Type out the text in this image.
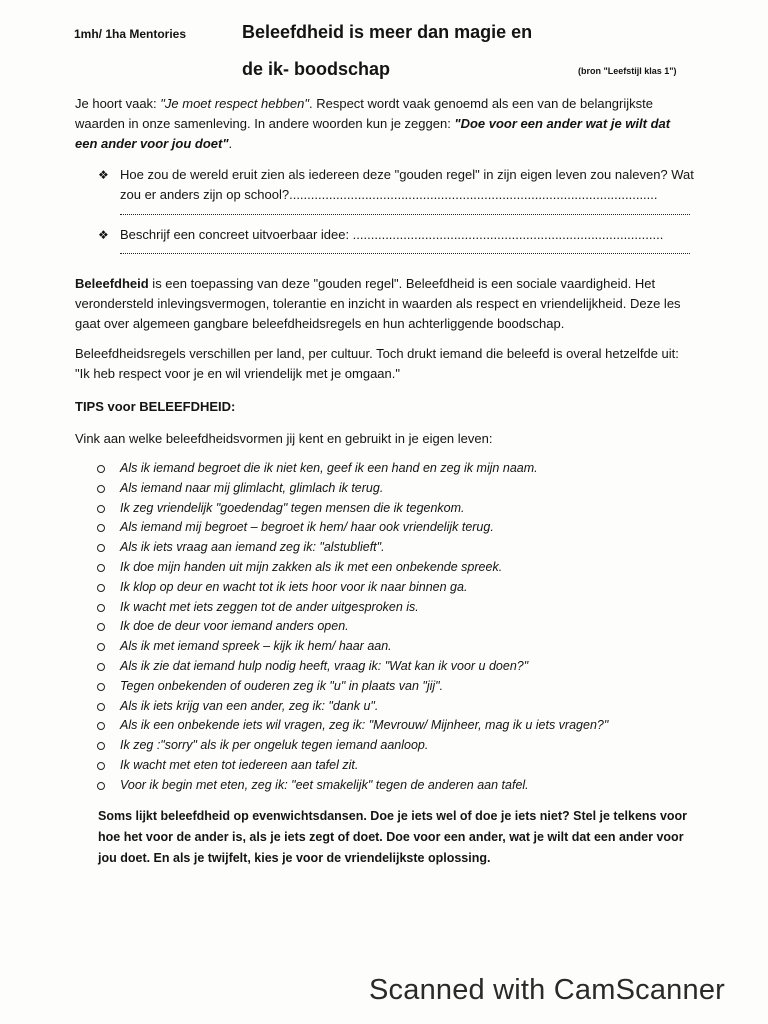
1mh/ 1ha Mentories	Beleefdheid is meer dan magie en
de ik- boodschap	(bron "Leefstijl klas 1")
Je hoort vaak: "Je moet respect hebben". Respect wordt vaak genoemd als een van de belangrijkste waarden in onze samenleving. In andere woorden kun je zeggen: "Doe voor een ander wat je wilt dat een ander voor jou doet".
❖ Hoe zou de wereld eruit zien als iedereen deze "gouden regel" in zijn eigen leven zou naleven? Wat zou er anders zijn op school?......................................................................................................
❖ Beschrijf een concreet uitvoerbaar idee: ......................................................................................
Beleefdheid is een toepassing van deze "gouden regel". Beleefdheid is een sociale vaardigheid. Het verondersteld inlevingsvermogen, tolerantie en inzicht in waarden als respect en vriendelijkheid. Deze les gaat over algemeen gangbare beleefdheidsregels en hun achterliggende boodschap.
Beleefdheidsregels verschillen per land, per cultuur. Toch drukt iemand die beleefd is overal hetzelfde uit: "Ik heb respect voor je en wil vriendelijk met je omgaan."
TIPS voor BELEEFDHEID:
Vink aan welke beleefdheidsvormen jij kent en gebruikt in je eigen leven:
Als ik iemand begroet die ik niet ken, geef ik een hand en zeg ik mijn naam.
Als iemand naar mij glimlacht, glimlach ik terug.
Ik zeg vriendelijk "goedendag" tegen mensen die ik tegenkom.
Als iemand mij begroet – begroet ik hem/ haar ook vriendelijk terug.
Als ik iets vraag aan iemand zeg ik: "alstublieft".
Ik doe mijn handen uit mijn zakken als ik met een onbekende spreek.
Ik klop op deur en wacht tot ik iets hoor voor ik naar binnen ga.
Ik wacht met iets zeggen tot de ander uitgesproken is.
Ik doe de deur voor iemand anders open.
Als ik met iemand spreek – kijk ik hem/ haar aan.
Als ik zie dat iemand hulp nodig heeft, vraag ik: "Wat kan ik voor u doen?"
Tegen onbekenden of ouderen zeg ik "u" in plaats van "jij".
Als ik iets krijg van een ander, zeg ik: "dank u".
Als ik een onbekende iets wil vragen, zeg ik: "Mevrouw/ Mijnheer, mag ik u iets vragen?"
Ik zeg :"sorry" als ik per ongeluk tegen iemand aanloop.
Ik wacht met eten tot iedereen aan tafel zit.
Voor ik begin met eten, zeg ik: "eet smakelijk" tegen de anderen aan tafel.
Soms lijkt beleefdheid op evenwichtsdansen. Doe je iets wel of doe je iets niet? Stel je telkens voor hoe het voor de ander is, als je iets zegt of doet. Doe voor een ander, wat je wilt dat een ander voor jou doet. En als je twijfelt, kies je voor de vriendelijkste oplossing.
Scanned with CamScanner
